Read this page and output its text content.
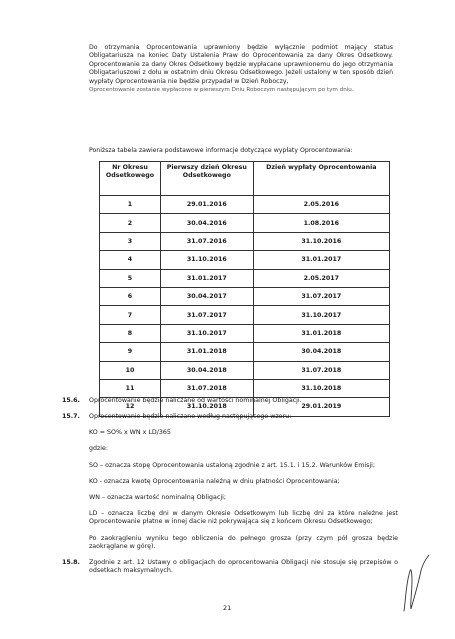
Do otrzymania Oprocentowania uprawniony będzie wyłącznie podmiot mający status Obligatariusza na koniec Daty Ustalenia Praw do Oprocentowania za dany Okres Odsetkowy. Oprocentowanie za dany Okres Odsetkowy będzie wypłacane uprawnionemu do jego otrzymania Obligatariuszowi z dołu w ostatnim dniu Okresu Odsetkowego. Jeżeli ustalony w ten sposób dzień wypłaty Oprocentowania nie będzie przypadał w Dzień Roboczy,

Oprocentowanie zostanie wypłacone w pierwszym Dniu Roboczym następującym po tym dniu.

Poniższa tabela zawiera podstawowe informacje dotyczące wypłaty Oprocentowania:
Nr Okresu Odsetkowego	Pierwszy dzień Okresu Odsetkowego	Dzień wypłaty Oprocentowania
1	29.01.2016	2.05.2016
2	30.04.2016	1.08.2016
3	31.07.2016	31.10.2016
4	31.10.2016	31.01.2017
5	31.01.2017	2.05.2017
6	30.04.2017	31.07.2017
7	31.07.2017	31.10.2017
8	31.10.2017	31.01.2018
9	31.01.2018	30.04.2018
10	30.04.2018	31.07.2018
11	31.07.2018	31.10.2018
12	31.10.2018	29.01.2019
15.6. Oprocentowanie będzie naliczane od wartości nominalnej Obligacji.
15.7. Oprocentowanie będzie naliczane według następującego wzoru:
KO = SO% x WN x LD/365
gdzie:
SO – oznacza stopę Oprocentowania ustaloną zgodnie z art. 15.1. i 15.2. Warunków Emisji;
KO - oznacza kwotę Oprocentowania należną w dniu płatności Oprocentowania;
WN – oznacza wartość nominalną Obligacji;
LD – oznacza liczbę dni w danym Okresie Odsetkowym lub liczbę dni za które należne jest Oprocentowanie płatne w innej dacie niż pokrywająca się z końcem Okresu Odsetkowego;
Po zaokrągleniu wyniku tego obliczenia do pełnego grosza (przy czym pół grosza będzie zaokrąglane w górę).
15.8. Zgodnie z art. 12 Ustawy o obligacjach do oprocentowania Obligacji nie stosuje się przepisów o odsetkach maksymalnych.
21
